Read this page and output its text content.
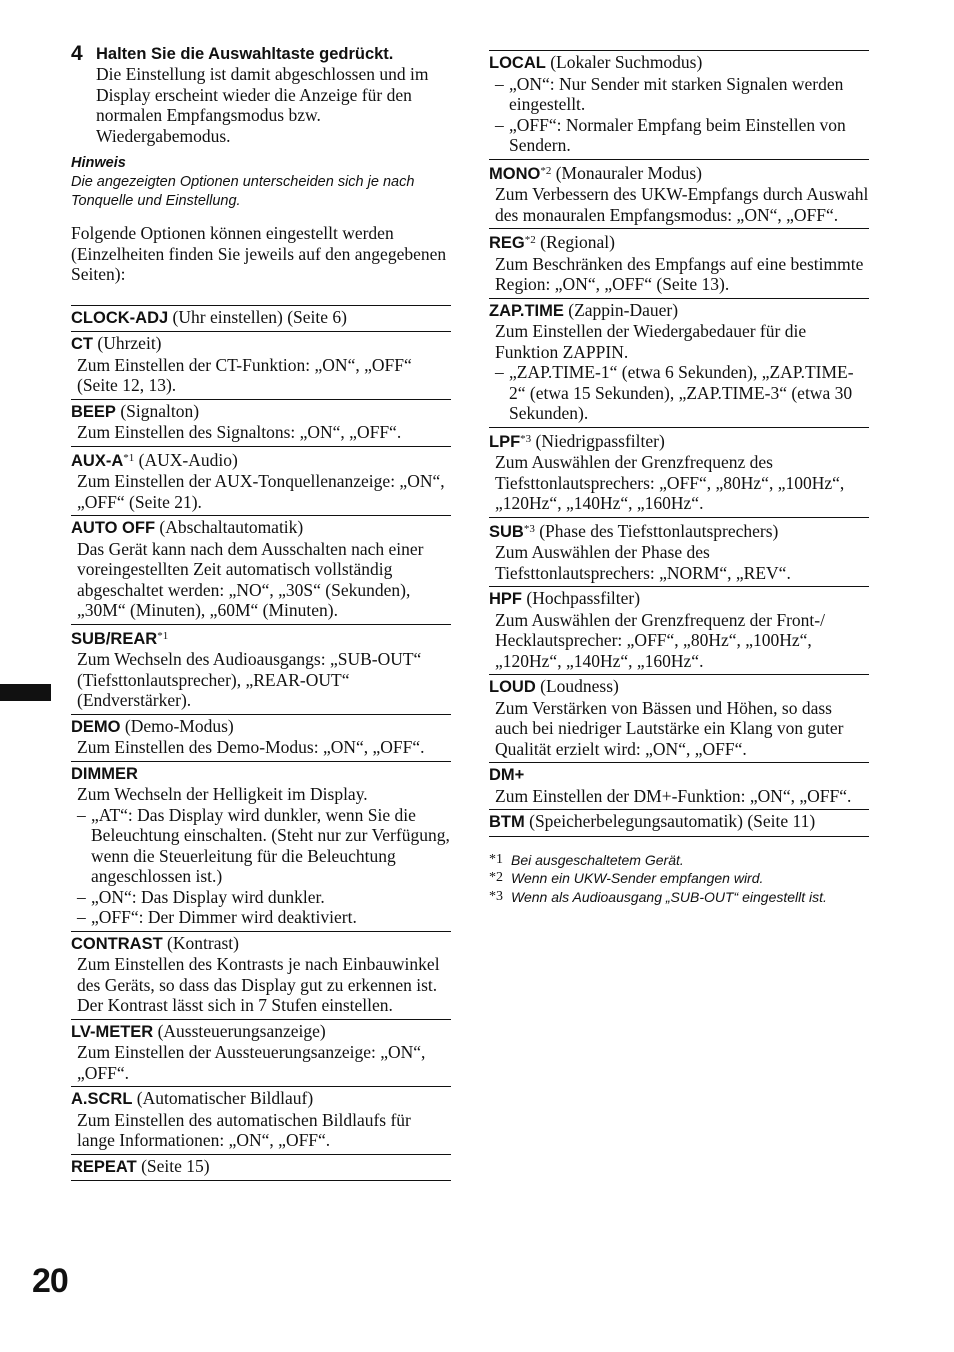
4 Halten Sie die Auswahltaste gedrückt.
Die Einstellung ist damit abgeschlossen und im Display erscheint wieder die Anzeige für den normalen Empfangsmodus bzw. Wiedergabemodus.
Hinweis
Die angezeigten Optionen unterscheiden sich je nach Tonquelle und Einstellung.
Folgende Optionen können eingestellt werden (Einzelheiten finden Sie jeweils auf den angegebenen Seiten):
CLOCK-ADJ (Uhr einstellen) (Seite 6)
CT (Uhrzeit)
Zum Einstellen der CT-Funktion: „ON“, „OFF“ (Seite 12, 13).
BEEP (Signalton)
Zum Einstellen des Signaltons: „ON“, „OFF“.
AUX-A$^{*1}$ (AUX-Audio)
Zum Einstellen der AUX-Tonquellenanzeige: „ON“, „OFF“ (Seite 21).
AUTO OFF (Abschaltautomatik)
Das Gerät kann nach dem Ausschalten nach einer voreingestellten Zeit automatisch vollständig abgeschaltet werden: „NO“, „30S“ (Sekunden), „30M“ (Minuten), „60M“ (Minuten).
SUB/REAR$^{*1}$
Zum Wechseln des Audioausgangs: „SUB-OUT“ (Tiefsttonlautsprecher), „REAR-OUT“ (Endverstärker).
DEMO (Demo-Modus)
Zum Einstellen des Demo-Modus: „ON“, „OFF“.
DIMMER
Zum Wechseln der Helligkeit im Display.
– „AT“: Das Display wird dunkler, wenn Sie die Beleuchtung einschalten. (Steht nur zur Verfügung, wenn die Steuerleitung für die Beleuchtung angeschlossen ist.)
– „ON“: Das Display wird dunkler.
– „OFF“: Der Dimmer wird deaktiviert.
CONTRAST (Kontrast)
Zum Einstellen des Kontrasts je nach Einbauwinkel des Geräts, so dass das Display gut zu erkennen ist. Der Kontrast lässt sich in 7 Stufen einstellen.
LV-METER (Aussteuerungsanzeige)
Zum Einstellen der Aussteuerungsanzeige: „ON“, „OFF“.
A.SCRL (Automatischer Bildlauf)
Zum Einstellen des automatischen Bildlaufs für lange Informationen: „ON“, „OFF“.
REPEAT (Seite 15)
LOCAL (Lokaler Suchmodus)
– „ON“: Nur Sender mit starken Signalen werden eingestellt.
– „OFF“: Normaler Empfang beim Einstellen von Sendern.
MONO$^{*2}$ (Monauraler Modus)
Zum Verbessern des UKW-Empfangs durch Auswahl des monauralen Empfangsmodus: „ON“, „OFF“.
REG$^{*2}$ (Regional)
Zum Beschränken des Empfangs auf eine bestimmte Region: „ON“, „OFF“ (Seite 13).
ZAP.TIME (Zappin-Dauer)
Zum Einstellen der Wiedergabedauer für die Funktion ZAPPIN.
– „ZAP.TIME-1“ (etwa 6 Sekunden), „ZAP.TIME-2“ (etwa 15 Sekunden), „ZAP.TIME-3“ (etwa 30 Sekunden).
LPF$^{*3}$ (Niedrigpassfilter)
Zum Auswählen der Grenzfrequenz des Tiefsttonlautsprechers: „OFF“, „80Hz“, „100Hz“, „120Hz“, „140Hz“, „160Hz“.
SUB$^{*3}$ (Phase des Tiefsttonlautsprechers)
Zum Auswählen der Phase des Tiefsttonlautsprechers: „NORM“, „REV“.
HPF (Hochpassfilter)
Zum Auswählen der Grenzfrequenz der Front-/ Hecklautsprecher: „OFF“, „80Hz“, „100Hz“, „120Hz“, „140Hz“, „160Hz“.
LOUD (Loudness)
Zum Verstärken von Bässen und Höhen, so dass auch bei niedriger Lautstärke ein Klang von guter Qualität erzielt wird: „ON“, „OFF“.
DM+
Zum Einstellen der DM+-Funktion: „ON“, „OFF“.
BTM (Speicherbelegungsautomatik) (Seite 11)
*1 Bei ausgeschaltetem Gerät.
*2 Wenn ein UKW-Sender empfangen wird.
*3 Wenn als Audioausgang „SUB-OUT“ eingestellt ist.
20
